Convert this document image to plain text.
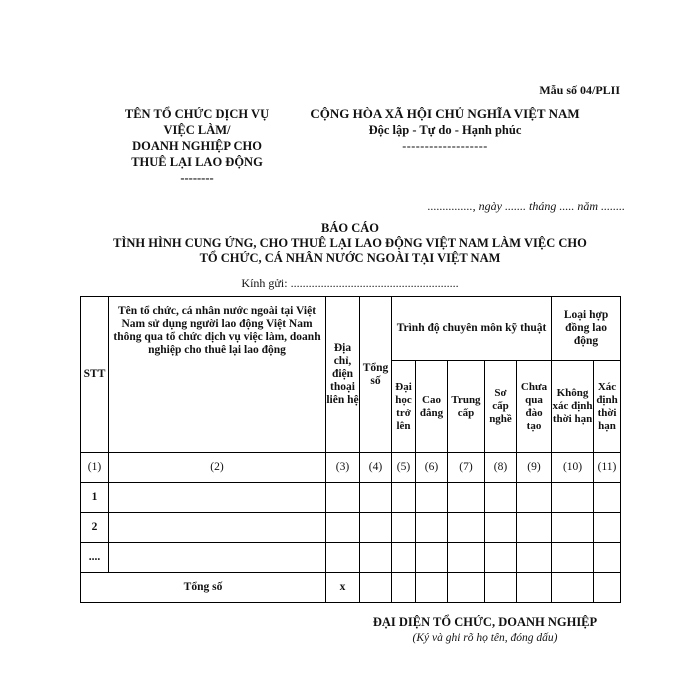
Mẫu số 04/PLII
TÊN TỔ CHỨC DỊCH VỤ
VIỆC LÀM/
DOANH NGHIỆP CHO
THUÊ LẠI LAO ĐỘNG
--------
CỘNG HÒA XÃ HỘI CHỦ NGHĨA VIỆT NAM
Độc lập - Tự do - Hạnh phúc
-------------------
..............., ngày ....... tháng ..... năm ........
BÁO CÁO
TÌNH HÌNH CUNG ỨNG, CHO THUÊ LẠI LAO ĐỘNG VIỆT NAM LÀM VIỆC CHO
TỔ CHỨC, CÁ NHÂN NƯỚC NGOÀI TẠI VIỆT NAM
Kính gửi: ........................................................
STT	Tên tổ chức, cá nhân nước ngoài tại Việt Nam sử dụng người lao động Việt Nam thông qua tổ chức dịch vụ việc làm, doanh nghiệp cho thuê lại lao động	Địa chỉ, điện thoại liên hệ	Tổng số	Trình độ chuyên môn kỹ thuật					Loại hợp đồng lao động	
				Đại học trở lên	Cao đẳng	Trung cấp	Sơ cấp nghề	Chưa qua đào tạo	Không xác định thời hạn	Xác định thời hạn
(1)	(2)	(3)	(4)	(5)	(6)	(7)	(8)	(9)	(10)	(11)
1										
2										
....										
Tổng số		x								
ĐẠI DIỆN TỔ CHỨC, DOANH NGHIỆP
(Ký và ghi rõ họ tên, đóng dấu)
